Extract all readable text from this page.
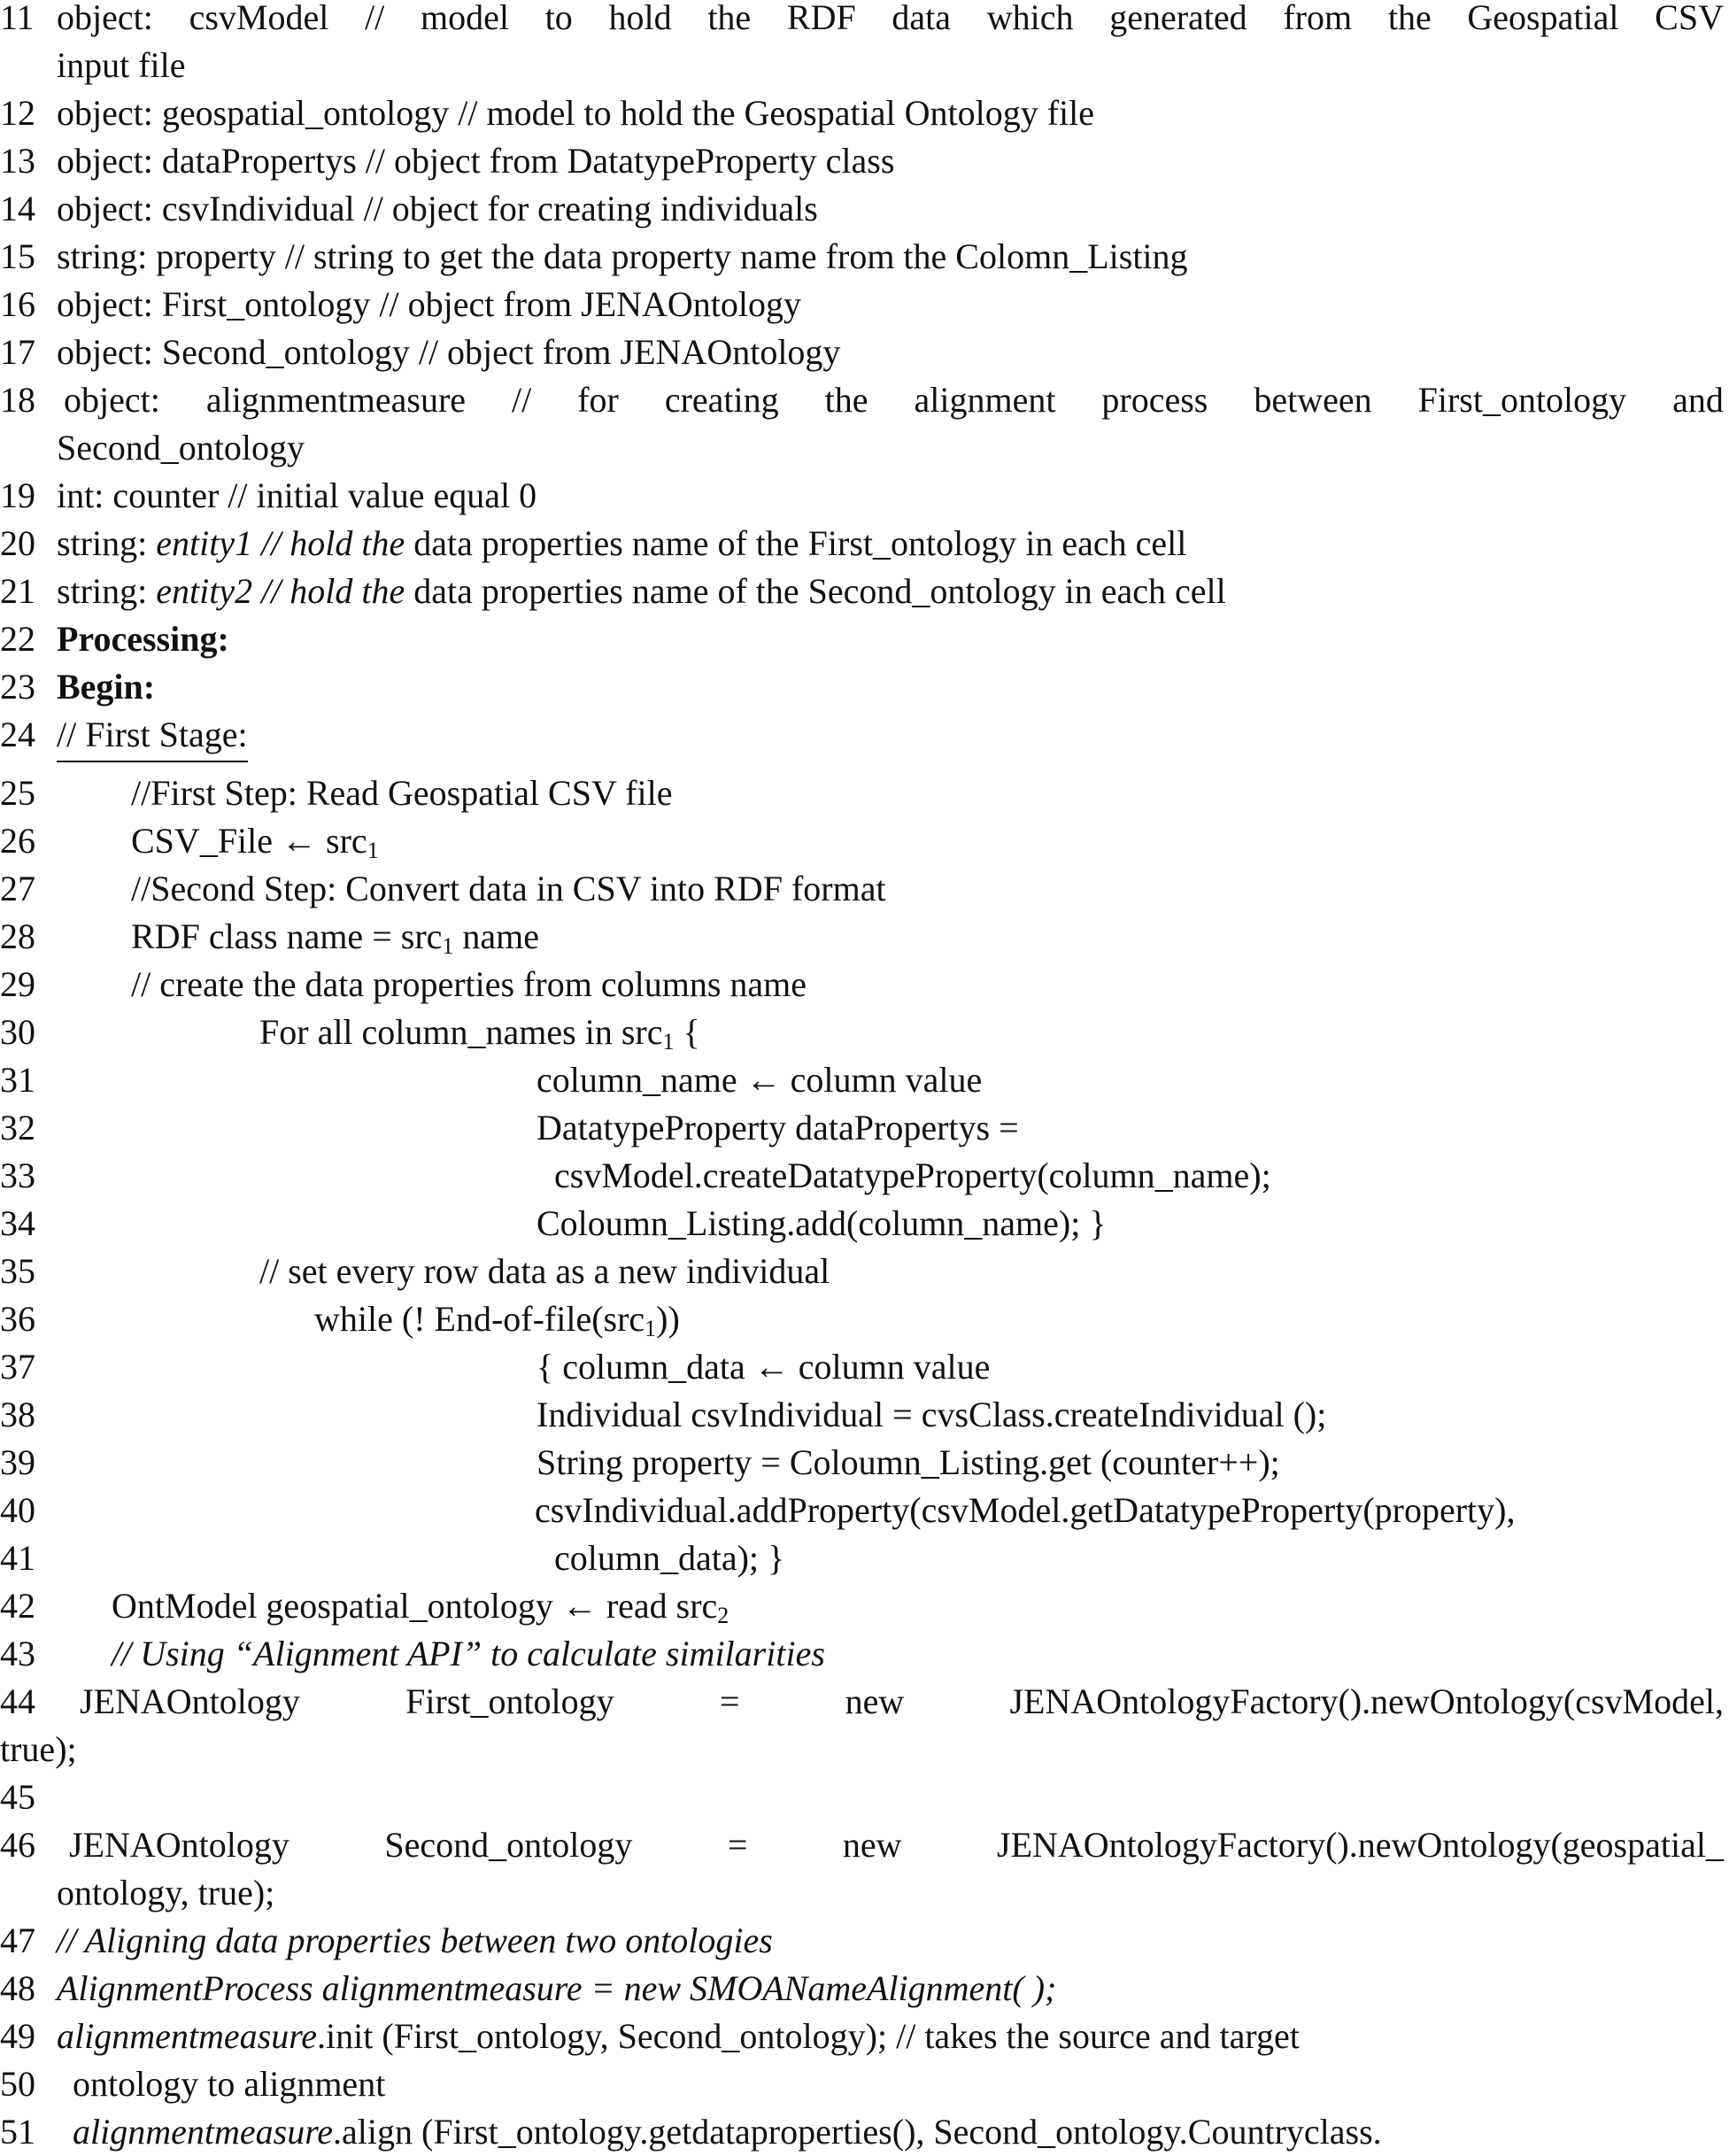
11 object: csvModel // model to hold the RDF data which generated from the Geospatial CSV
input file
12 object: geospatial_ontology // model to hold the Geospatial Ontology file
13 object: dataPropertys // object from DatatypeProperty class
14 object: csvIndividual // object for creating individuals
15 string: property // string to get the data property name from the Colomn_Listing
16 object: First_ontology // object from JENAOntology
17 object: Second_ontology // object from JENAOntology
18 object: alignmentmeasure // for creating the alignment process between First_ontology and
Second_ontology
19 int: counter // initial value equal 0
20 string: entity1 // hold the data properties name of the First_ontology in each cell
21 string: entity2 // hold the data properties name of the Second_ontology in each cell
22 Processing:
23 Begin:
24 // First Stage:
25	//First Step: Read Geospatial CSV file
26	CSV_File ← src$_1$
27	//Second Step: Convert data in CSV into RDF format
28	RDF class name = src$_1$ name
29	// create the data properties from columns name
30	For all column_names in src$_1$ {
31	column_name ← column value
32	DatatypeProperty dataPropertys =
33	csvModel.createDatatypeProperty(column_name);
34	Coloumn_Listing.add(column_name); }
35	// set every row data as a new individual
36	while (! End-of-file(src$_1$))
37	{ column_data ← column value
38	Individual csvIndividual = cvsClass.createIndividual ();
39	String property = Coloumn_Listing.get (counter++);
40	csvIndividual.addProperty(csvModel.getDatatypeProperty(property),
41	column_data); }
42	OntModel geospatial_ontology ← read src$_2$
43	// Using “Alignment API” to calculate similarities
44	JENAOntology	First_ontology	=	new	JENAOntologyFactory().newOntology(csvModel,
true);
45
46 JENAOntology	Second_ontology	=	new	JENAOntologyFactory().newOntology(geospatial_
ontology, true);
47 // Aligning data properties between two ontologies
48 AlignmentProcess alignmentmeasure = new SMOANameAlignment( );
49 alignmentmeasure.init (First_ontology, Second_ontology); // takes the source and target
50	ontology to alignment
51	alignmentmeasure.align (First_ontology.getdataproperties(), Second_ontology.Countryclass.
